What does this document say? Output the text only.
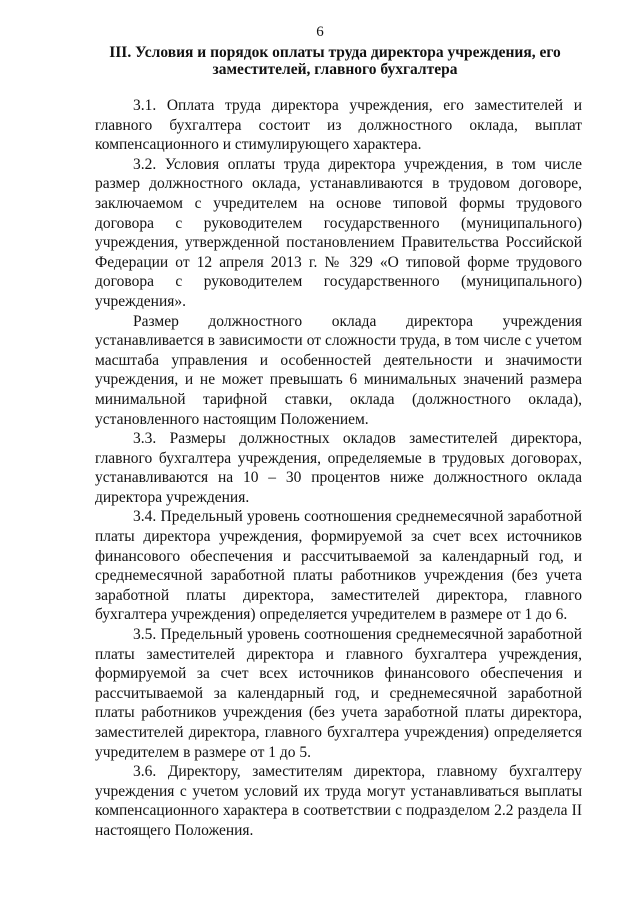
6
III. Условия и порядок оплаты труда директора учреждения, его заместителей, главного бухгалтера

3.1. Оплата труда директора учреждения, его заместителей и главного бухгалтера состоит из должностного оклада, выплат компенсационного и стимулирующего характера.

3.2. Условия оплаты труда директора учреждения, в том числе размер должностного оклада, устанавливаются в трудовом договоре, заключаемом с учредителем на основе типовой формы трудового договора с руководителем государственного (муниципального) учреждения, утвержденной постановлением Правительства Российской Федерации от 12 апреля 2013 г. № 329 «О типовой форме трудового договора с руководителем государственного (муниципального) учреждения».

Размер должностного оклада директора учреждения устанавливается в зависимости от сложности труда, в том числе с учетом масштаба управления и особенностей деятельности и значимости учреждения, и не может превышать 6 минимальных значений размера минимальной тарифной ставки, оклада (должностного оклада), установленного настоящим Положением.

3.3. Размеры должностных окладов заместителей директора, главного бухгалтера учреждения, определяемые в трудовых договорах, устанавливаются на 10 – 30 процентов ниже должностного оклада директора учреждения.

3.4. Предельный уровень соотношения среднемесячной заработной платы директора учреждения, формируемой за счет всех источников финансового обеспечения и рассчитываемой за календарный год, и среднемесячной заработной платы работников учреждения (без учета заработной платы директора, заместителей директора, главного бухгалтера учреждения) определяется учредителем в размере от 1 до 6.

3.5. Предельный уровень соотношения среднемесячной заработной платы заместителей директора и главного бухгалтера учреждения, формируемой за счет всех источников финансового обеспечения и рассчитываемой за календарный год, и среднемесячной заработной платы работников учреждения (без учета заработной платы директора, заместителей директора, главного бухгалтера учреждения) определяется учредителем в размере от 1 до 5.

3.6. Директору, заместителям директора, главному бухгалтеру учреждения с учетом условий их труда могут устанавливаться выплаты компенсационного характера в соответствии с подразделом 2.2 раздела II настоящего Положения.
